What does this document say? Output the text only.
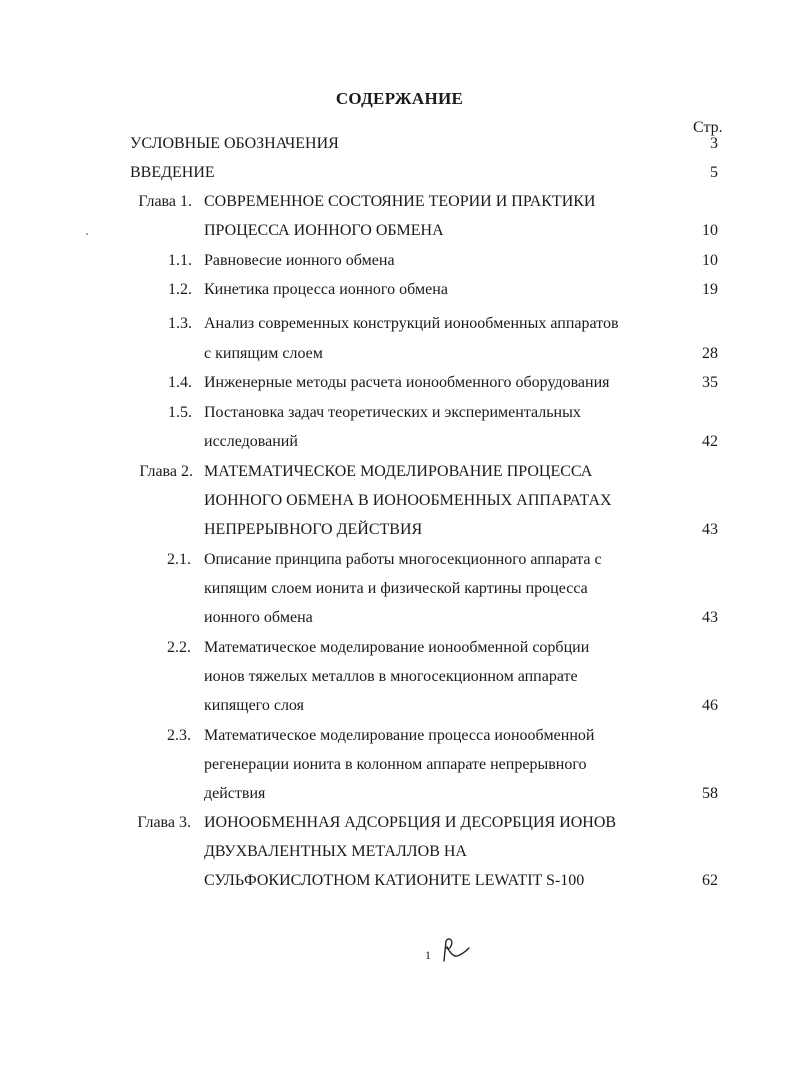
СОДЕРЖАНИЕ
Стр.
УСЛОВНЫЕ ОБОЗНАЧЕНИЯ	3
ВВЕДЕНИЕ	5
Глава 1. СОВРЕМЕННОЕ СОСТОЯНИЕ ТЕОРИИ И ПРАКТИКИ
ПРОЦЕССА ИОННОГО ОБМЕНА	10
1.1. Равновесие ионного обмена	10
1.2. Кинетика процесса ионного обмена	19
1.3. Анализ современных конструкций ионообменных аппаратов
с кипящим слоем	28
1.4. Инженерные методы расчета ионообменного оборудования	35
1.5. Постановка задач теоретических и экспериментальных
исследований	42
Глава 2. МАТЕМАТИЧЕСКОЕ МОДЕЛИРОВАНИЕ ПРОЦЕССА
ИОННОГО ОБМЕНА В ИОНООБМЕННЫХ АППАРАТАХ
НЕПРЕРЫВНОГО ДЕЙСТВИЯ	43
2.1. Описание принципа работы многосекционного аппарата с
кипящим слоем ионита и физической картины процесса
ионного обмена	43
2.2. Математическое моделирование ионообменной сорбции
ионов тяжелых металлов в многосекционном аппарате
кипящего слоя	46
2.3. Математическое моделирование процесса ионообменной
регенерации ионита в колонном аппарате непрерывного
действия	58
Глава 3. ИОНООБМЕННАЯ АДСОРБЦИЯ И ДЕСОРБЦИЯ ИОНОВ
ДВУХВАЛЕНТНЫХ МЕТАЛЛОВ НА
СУЛЬФОКИСЛОТНОМ КАТИОНИТЕ LEWATIT S-100	62
1
